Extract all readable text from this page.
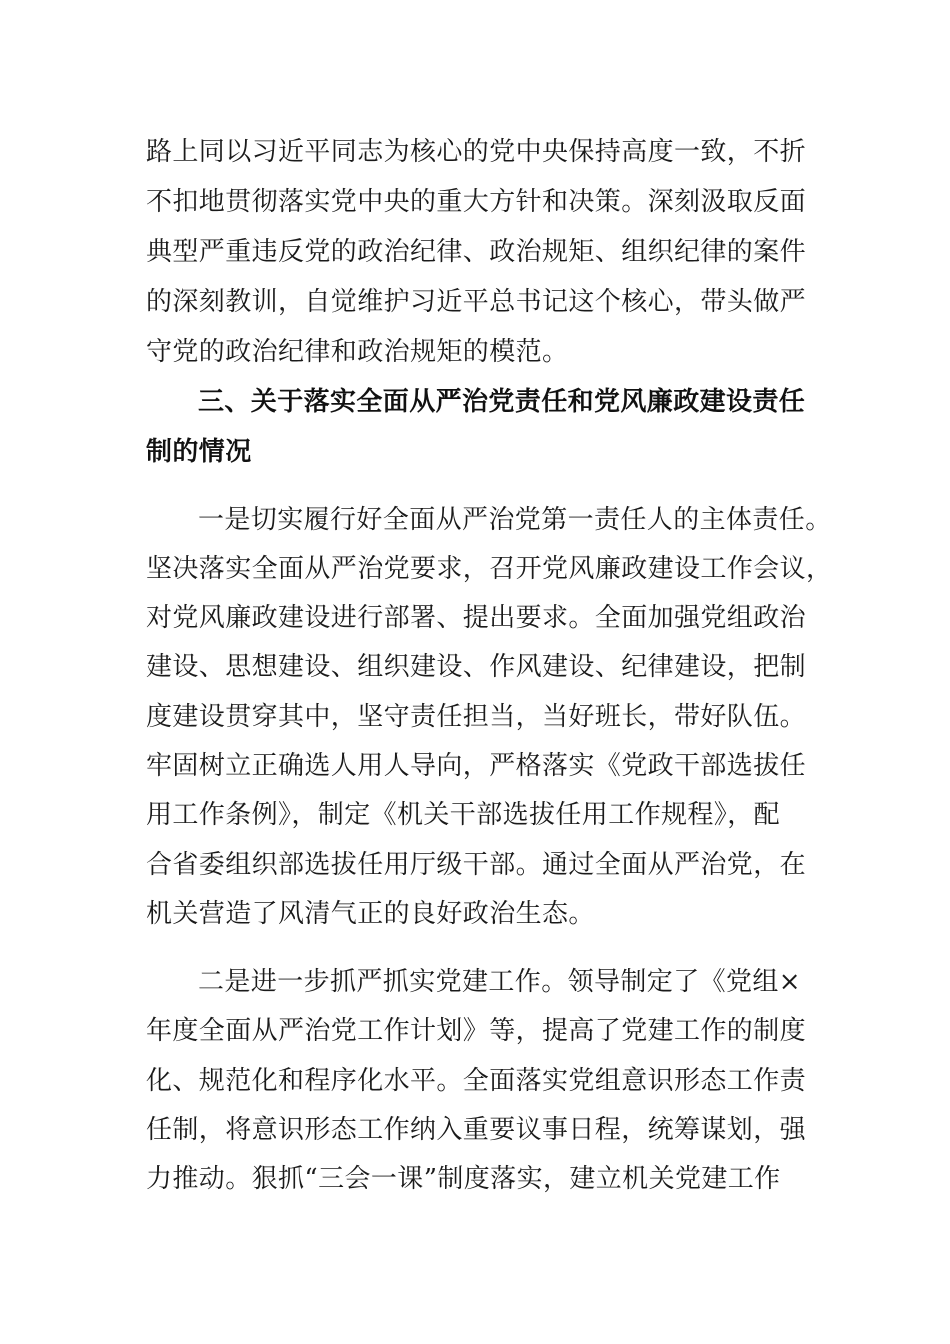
路上同以习近平同志为核心的党中央保持高度一致，不折
不扣地贯彻落实党中央的重大方针和决策。深刻汲取反面
典型严重违反党的政治纪律、政治规矩、组织纪律的案件
的深刻教训，自觉维护习近平总书记这个核心，带头做严
守党的政治纪律和政治规矩的模范。
三、关于落实全面从严治党责任和党风廉政建设责任
制的情况
一是切实履行好全面从严治党第一责任人的主体责任。
坚决落实全面从严治党要求，召开党风廉政建设工作会议，
对党风廉政建设进行部署、提出要求。全面加强党组政治
建设、思想建设、组织建设、作风建设、纪律建设，把制
度建设贯穿其中，坚守责任担当，当好班长，带好队伍。
牢固树立正确选人用人导向，严格落实《党政干部选拔任
用工作条例》，制定《机关干部选拔任用工作规程》，配
合省委组织部选拔任用厅级干部。通过全面从严治党，在
机关营造了风清气正的良好政治生态。
二是进一步抓严抓实党建工作。领导制定了《党组×
年度全面从严治党工作计划》等，提高了党建工作的制度
化、规范化和程序化水平。全面落实党组意识形态工作责
任制，将意识形态工作纳入重要议事日程，统筹谋划，强
力推动。狠抓“三会一课”制度落实，建立机关党建工作
